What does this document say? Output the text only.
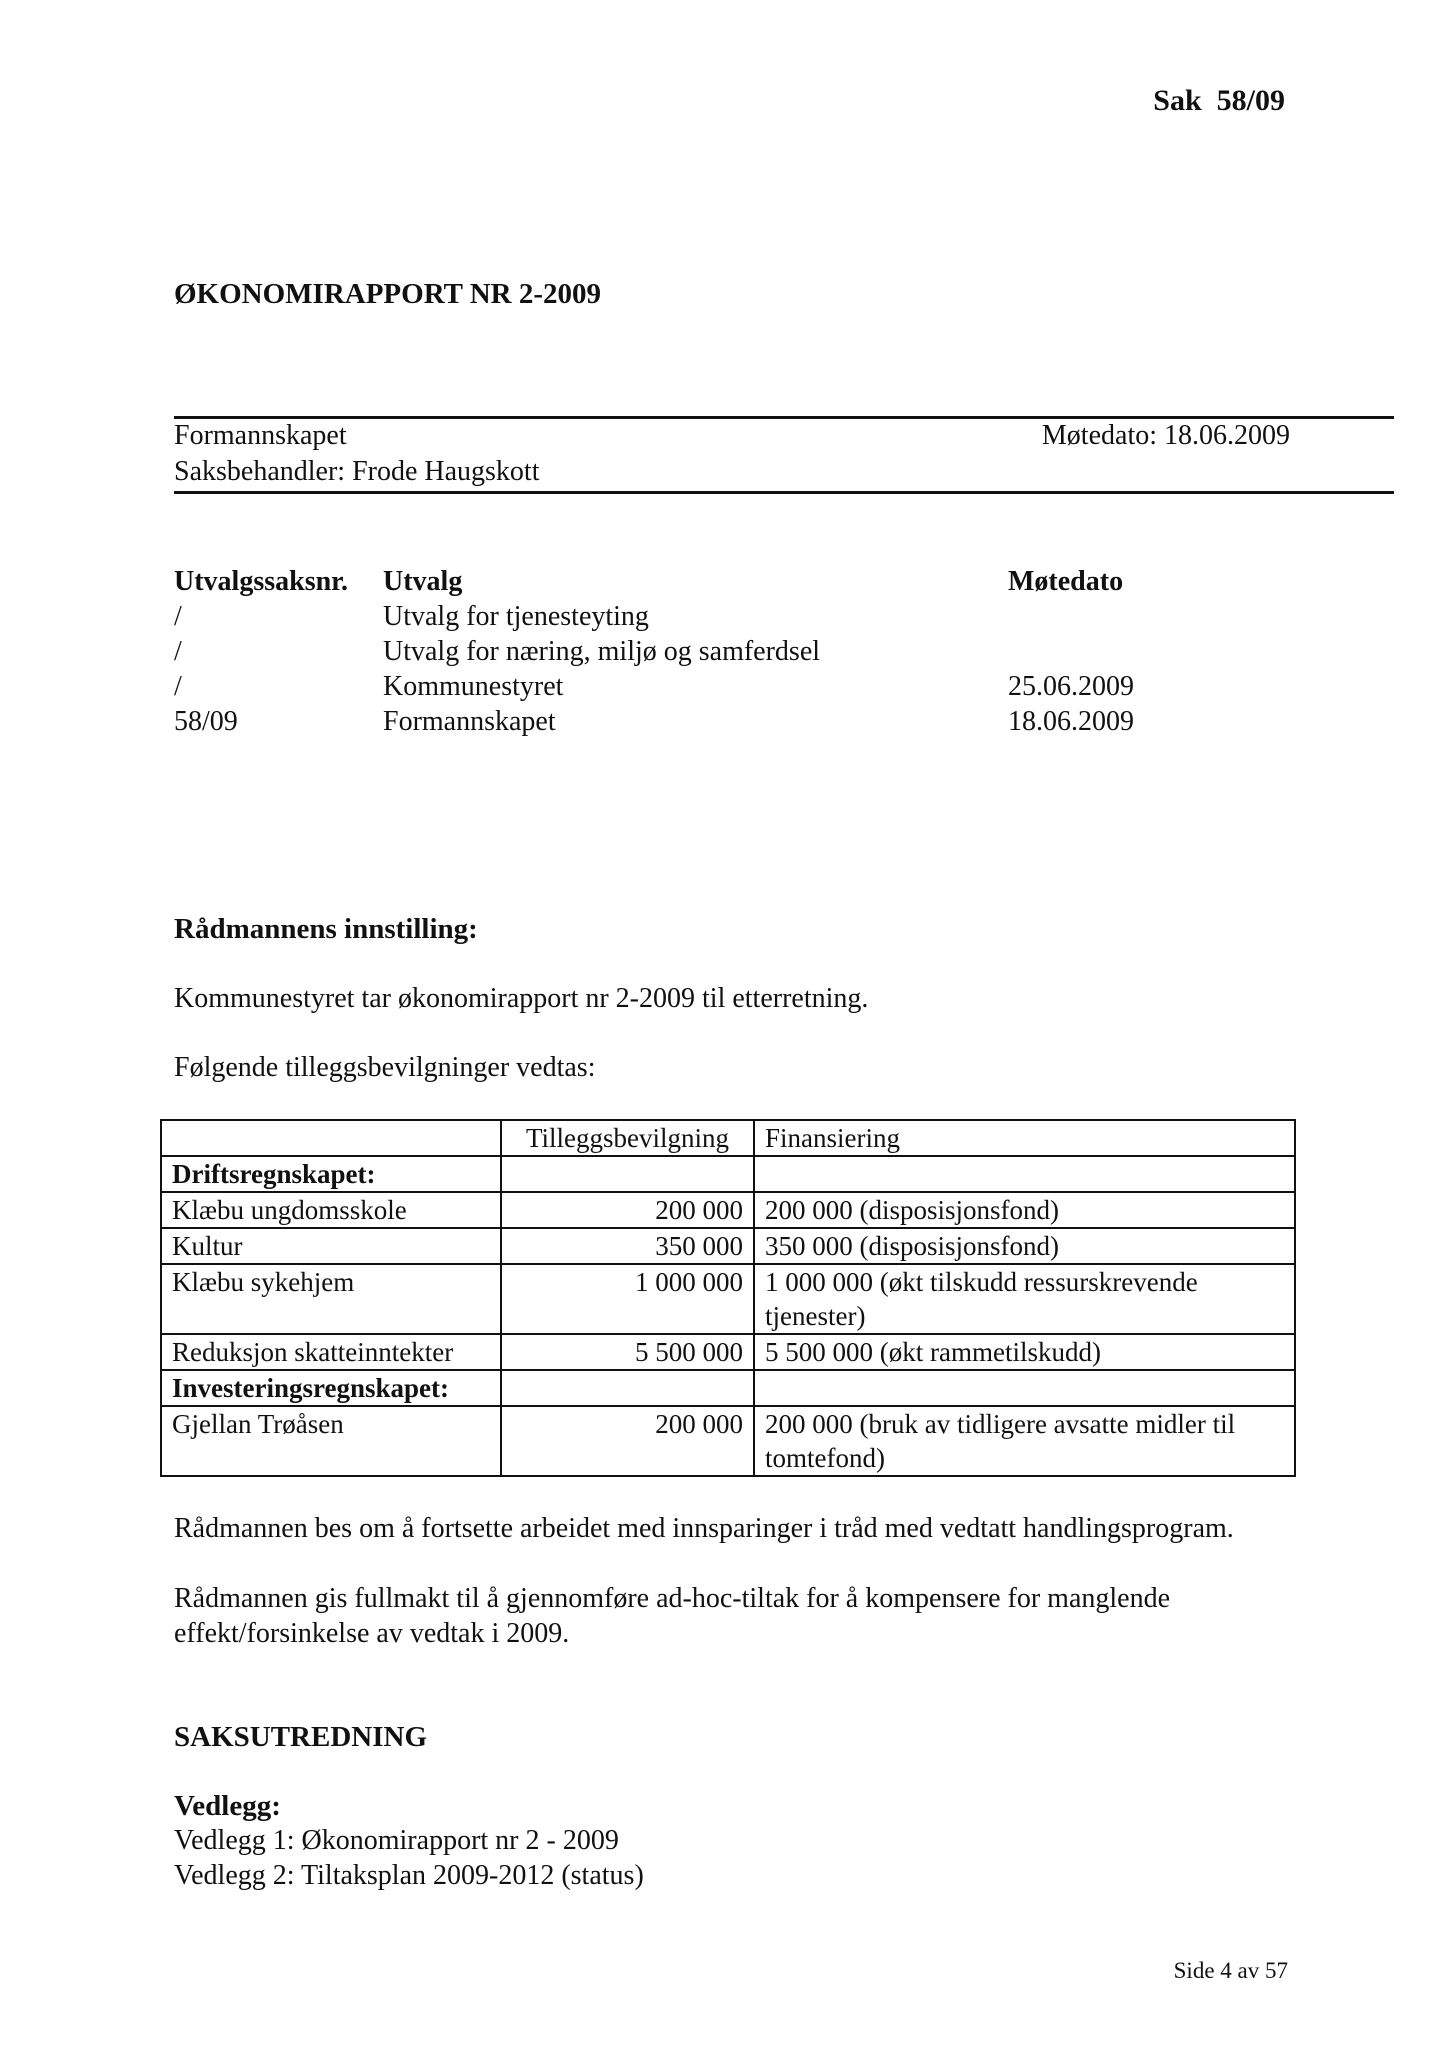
Sak  58/09
ØKONOMIRAPPORT NR 2-2009
Formannskapet	Møtedato: 18.06.2009
Saksbehandler: Frode Haugskott
Utvalgssaksnr. Utvalg	Møtedato
/	Utvalg for tjenesteyting
/	Utvalg for næring, miljø og samferdsel
/	Kommunestyret	25.06.2009
58/09	Formannskapet	18.06.2009
Rådmannens innstilling:
Kommunestyret tar økonomirapport nr 2-2009 til etterretning.
Følgende tilleggsbevilgninger vedtas:
	Tilleggsbevilgning	Finansiering
Driftsregnskapet:		
Klæbu ungdomsskole	200 000	200 000 (disposisjonsfond)
Kultur	350 000	350 000 (disposisjonsfond)
Klæbu sykehjem	1 000 000	1 000 000 (økt tilskudd ressurskrevende tjenester)
Reduksjon skatteinntekter	5 500 000	5 500 000 (økt rammetilskudd)
Investeringsregnskapet:		
Gjellan Trøåsen	200 000	200 000 (bruk av tidligere avsatte midler til tomtefond)
Rådmannen bes om å fortsette arbeidet med innsparinger i tråd med vedtatt handlingsprogram.
Rådmannen gis fullmakt til å gjennomføre ad-hoc-tiltak for å kompensere for manglende effekt/forsinkelse av vedtak i 2009.
SAKSUTREDNING
Vedlegg:
Vedlegg 1: Økonomirapport nr 2 - 2009
Vedlegg 2: Tiltaksplan 2009-2012 (status)
Side 4 av 57
